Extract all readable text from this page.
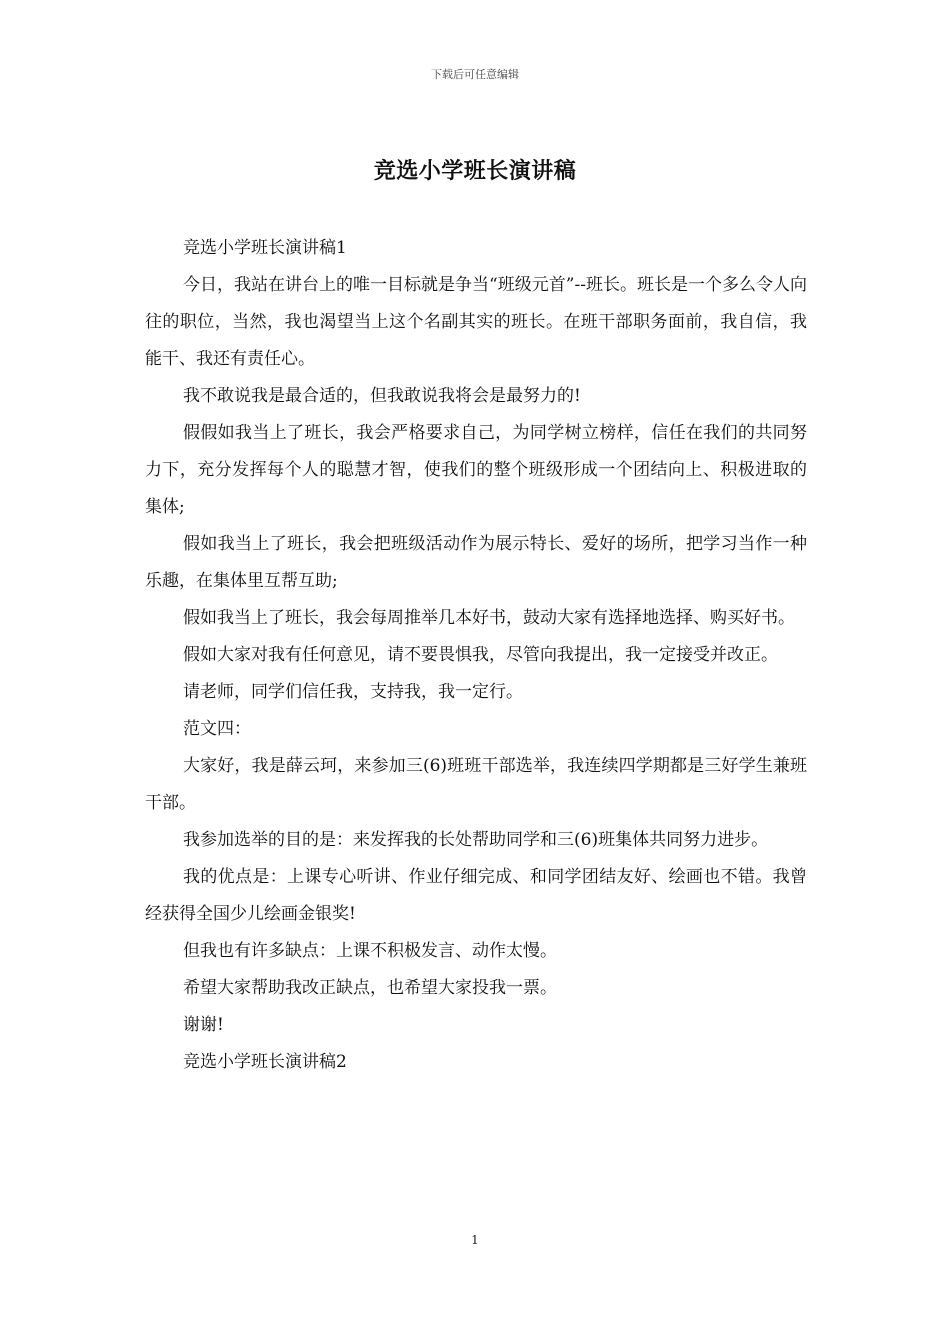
下载后可任意编辑
竞选小学班长演讲稿

竞选小学班长演讲稿1

今日，我站在讲台上的唯一目标就是争当“班级元首”--班长。班长是一个多么令人向往的职位，当然，我也渴望当上这个名副其实的班长。在班干部职务面前，我自信，我能干、我还有责任心。

我不敢说我是最合适的，但我敢说我将会是最努力的!

假假如我当上了班长，我会严格要求自己，为同学树立榜样，信任在我们的共同努力下，充分发挥每个人的聪慧才智，使我们的整个班级形成一个团结向上、积极进取的集体;

假如我当上了班长，我会把班级活动作为展示特长、爱好的场所，把学习当作一种乐趣，在集体里互帮互助;

假如我当上了班长，我会每周推举几本好书，鼓动大家有选择地选择、购买好书。

假如大家对我有任何意见，请不要畏惧我，尽管向我提出，我一定接受并改正。

请老师，同学们信任我，支持我，我一定行。

范文四：

大家好，我是薛云珂，来参加三(6)班班干部选举，我连续四学期都是三好学生兼班干部。

我参加选举的目的是：来发挥我的长处帮助同学和三(6)班集体共同努力进步。

我的优点是：上课专心听讲、作业仔细完成、和同学团结友好、绘画也不错。我曾经获得全国少儿绘画金银奖!

但我也有许多缺点：上课不积极发言、动作太慢。

希望大家帮助我改正缺点，也希望大家投我一票。

谢谢!

竞选小学班长演讲稿2

1
